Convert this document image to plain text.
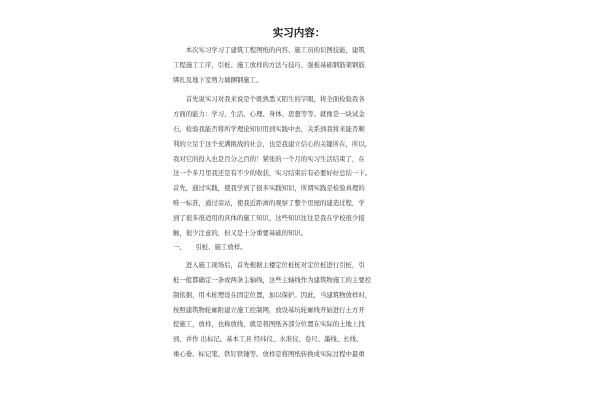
实习内容：
　　本次实习学习了建筑工程图纸的内容、施工员的识图技能，建筑
工程施工工序，引桩、施工放样的方法与技巧、强板基础钢筋架钢筋
绑扎及地下室剪力墙捆钢施工。
　　首先说实习对我来说是个既熟悉又陌生的字眼，将全面检验我各
方面的能力：学习、生活、心理、身体、思想等等。就像是一块试金
石，检验我能否将所学理论知识用到实践中去，关系到我将来能否顺
利的立足于这个充满挑战的社会，也是我建立信心的关键所在，所以，
我对它的投入也是百分之百的！紧张的一个月的实习生活结束了，在
这一个多月里我还是有不少的收获，实习结束后有必要好好总结一下。
首先，通过实践，使我学到了很多实践知识，所谓实践是检验真理的
唯一标准，通过旁站，使我近距离的观察了整个房屋的建造过程，学
到了很多很适用的具体的施工知识，这些知识往往是我在学校很少接
触，很少注意的，但又是十分重要基础的知识。
一、　　引桩、施工放样。
　　进入施工现场后，首先根据主楼定位桩桩对定位桩进行引桩，引
桩一般都确定一条或两条主轴线，这些主轴线作为建筑物施工的主要控
制依据，用木桩埋设在固定位置，加以保护。因此，当建筑物放样时，
按照建筑物轮廓附建立施工控制网，放设基坑轮廓线开始进行土方开
挖施工，放样，也称放线，就是将图纸各部分位置在实际的土地上找
到、并作 出标记。基本工具 经纬仪、水准仪、卷尺、墨线、长线、
重心垂、标记笔、铁钉铁锤等。放样是将图纸转换成实际过程中最重
